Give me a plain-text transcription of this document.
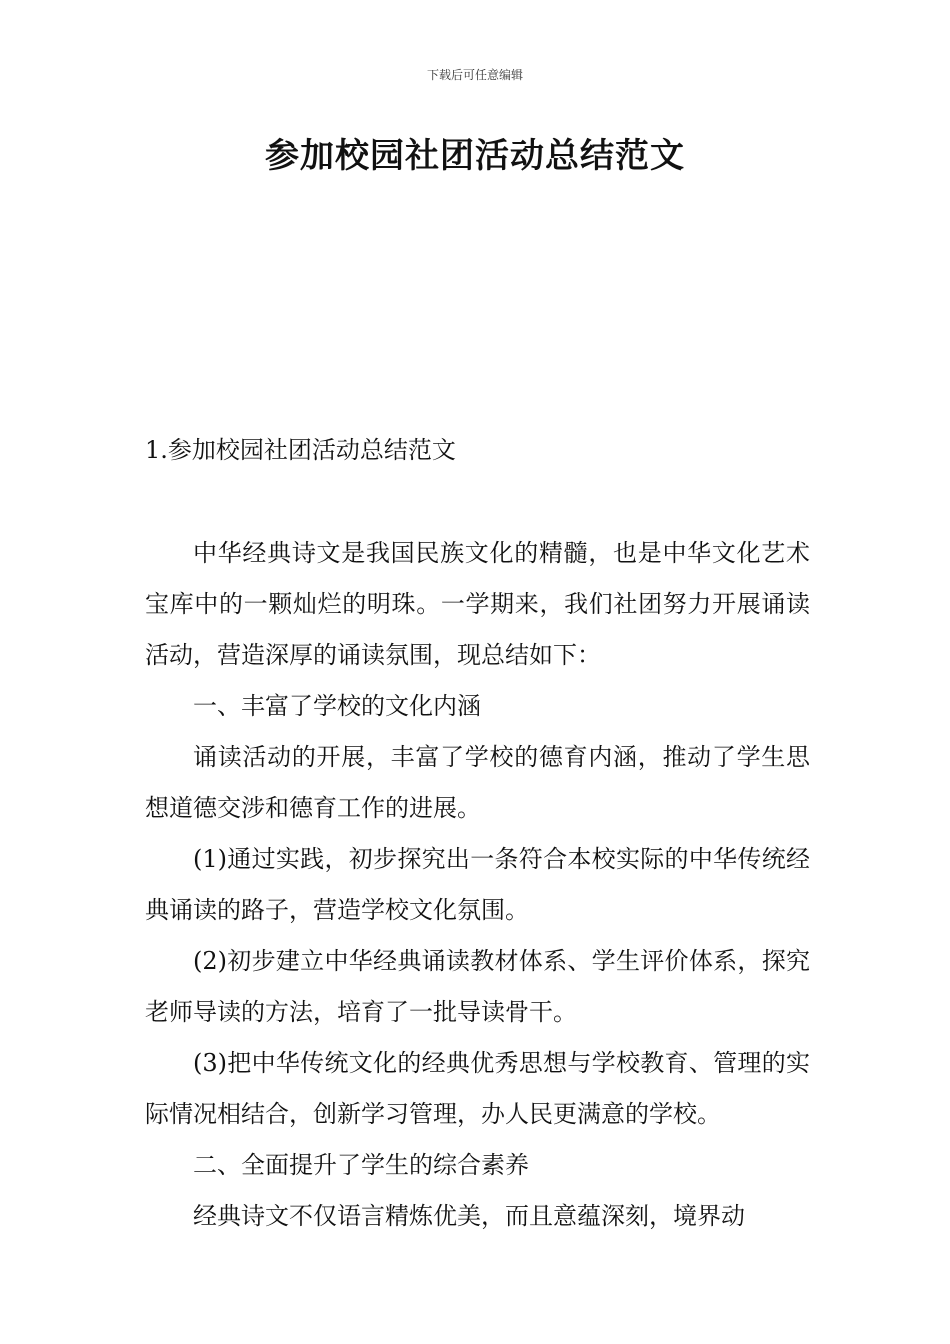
下载后可任意编辑
参加校园社团活动总结范文
1.参加校园社团活动总结范文

中华经典诗文是我国民族文化的精髓，也是中华文化艺术宝库中的一颗灿烂的明珠。一学期来，我们社团努力开展诵读活动，营造深厚的诵读氛围，现总结如下：

一、丰富了学校的文化内涵

诵读活动的开展，丰富了学校的德育内涵，推动了学生思想道德交涉和德育工作的进展。

(1)通过实践，初步探究出一条符合本校实际的中华传统经典诵读的路子，营造学校文化氛围。

(2)初步建立中华经典诵读教材体系、学生评价体系，探究老师导读的方法，培育了一批导读骨干。

(3)把中华传统文化的经典优秀思想与学校教育、管理的实际情况相结合，创新学习管理，办人民更满意的学校。

二、全面提升了学生的综合素养

经典诗文不仅语言精炼优美，而且意蕴深刻，境界动
